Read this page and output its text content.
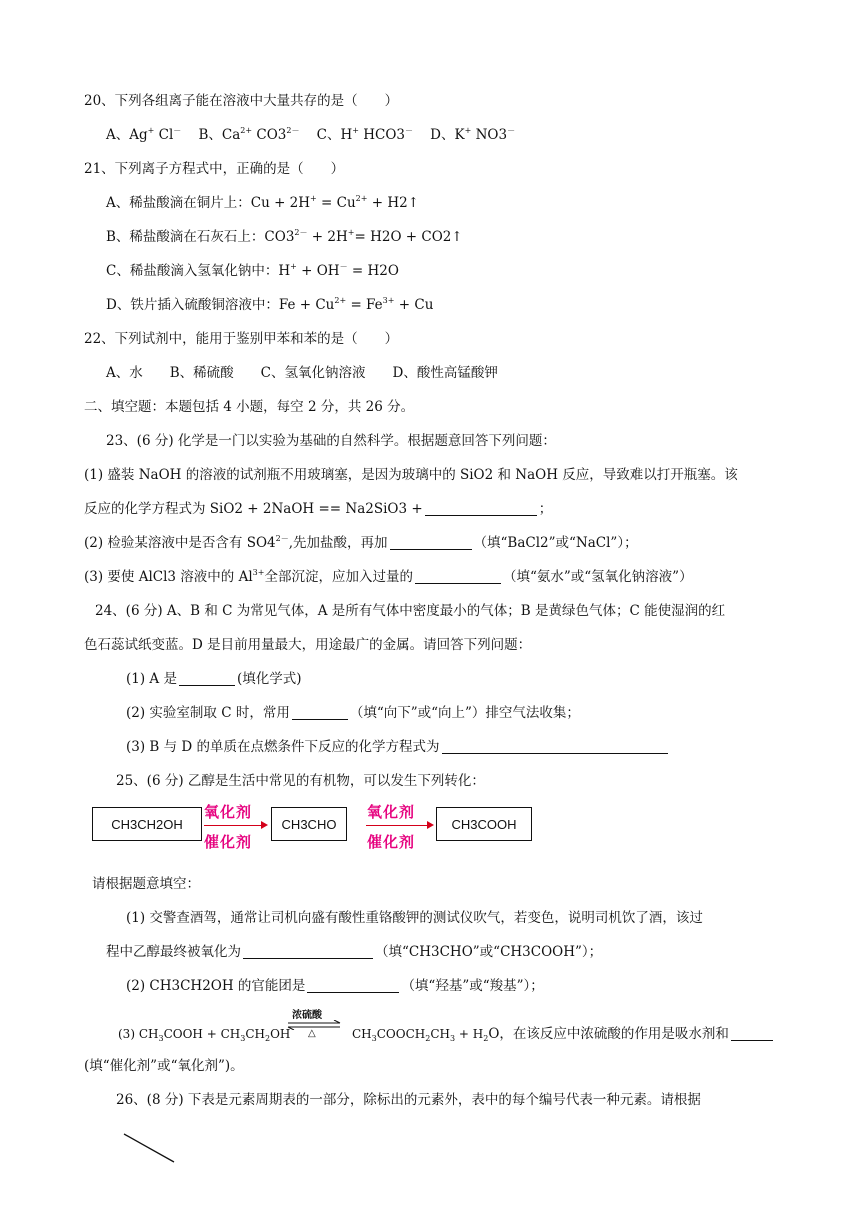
20、下列各组离子能在溶液中大量共存的是（　　）
A、Ag+ Cl－ B、$Ca^{2+}$ $CO3^{2-}$ C、H+ HCO3－ D、K+ NO3－
21、下列离子方程式中，正确的是（　　）
A、稀盐酸滴在铜片上：$Cu + 2H^+ = Cu^{2+}$ + H2↑
B、稀盐酸滴在石灰石上：$CO3^{2-} + 2H^+= H2O$ + CO2↑
C、稀盐酸滴入氢氧化钠中：H+ + OH－ = H2O
D、铁片插入硫酸铜溶液中：$Fe + Cu^{2+} = Fe^{3+} + Cu$
22、下列试剂中，能用于鉴别甲苯和苯的是（　　）
A、水　　B、稀硫酸　　C、氢氧化钠溶液　　D、酸性高锰酸钾
二、填空题：本题包括 4 小题，每空 2 分，共 26 分。
23、(6 分) 化学是一门以实验为基础的自然科学。根据题意回答下列问题：
(1) 盛装 NaOH 的溶液的试剂瓶不用玻璃塞，是因为玻璃中的 SiO2 和 NaOH 反应，导致难以打开瓶塞。该
反应的化学方程式为 SiO2 + 2NaOH == Na2SiO3 +	；
(2) 检验某溶液中是否含有 $SO4^{2-}$,先加盐酸，再加	（填“BaCl2”或“NaCl”）；
(3) 要使 AlCl3 溶液中的 $Al^{3+}$全部沉淀，应加入过量的	（填“氨水”或“氢氧化钠溶液”）
24、(6 分) A、B 和 C 为常见气体，A 是所有气体中密度最小的气体；B 是黄绿色气体；C 能使湿润的红
色石蕊试纸变蓝。D 是目前用量最大，用途最广的金属。请回答下列问题：
(1) A 是	(填化学式)
(2) 实验室制取 C 时，常用	（填“向下”或“向上”）排空气法收集；
(3) B 与 D 的单质在点燃条件下反应的化学方程式为
25、(6 分) 乙醇是生活中常见的有机物，可以发生下列转化：
CH3CH2OH
氧化剂
催化剂
CH3CHO
氧化剂
催化剂
CH3COOH
请根据题意填空：
(1) 交警查酒驾，通常让司机向盛有酸性重铬酸钾的测试仪吹气，若变色，说明司机饮了酒，该过
程中乙醇最终被氧化为	（填“CH3CHO”或“CH3COOH”）；
(2) CH3CH2OH 的官能团是	（填“羟基”或“羧基”）；
(3) $CH_3COOH + CH_3CH_2OH$
浓硫酸
△	$CH_3COOCH_2CH_3 + H_2O$，在该反应中浓硫酸的作用是吸水剂和
(填“催化剂”或“氧化剂”)。
26、(8 分) 下表是元素周期表的一部分，除标出的元素外，表中的每个编号代表一种元素。请根据
